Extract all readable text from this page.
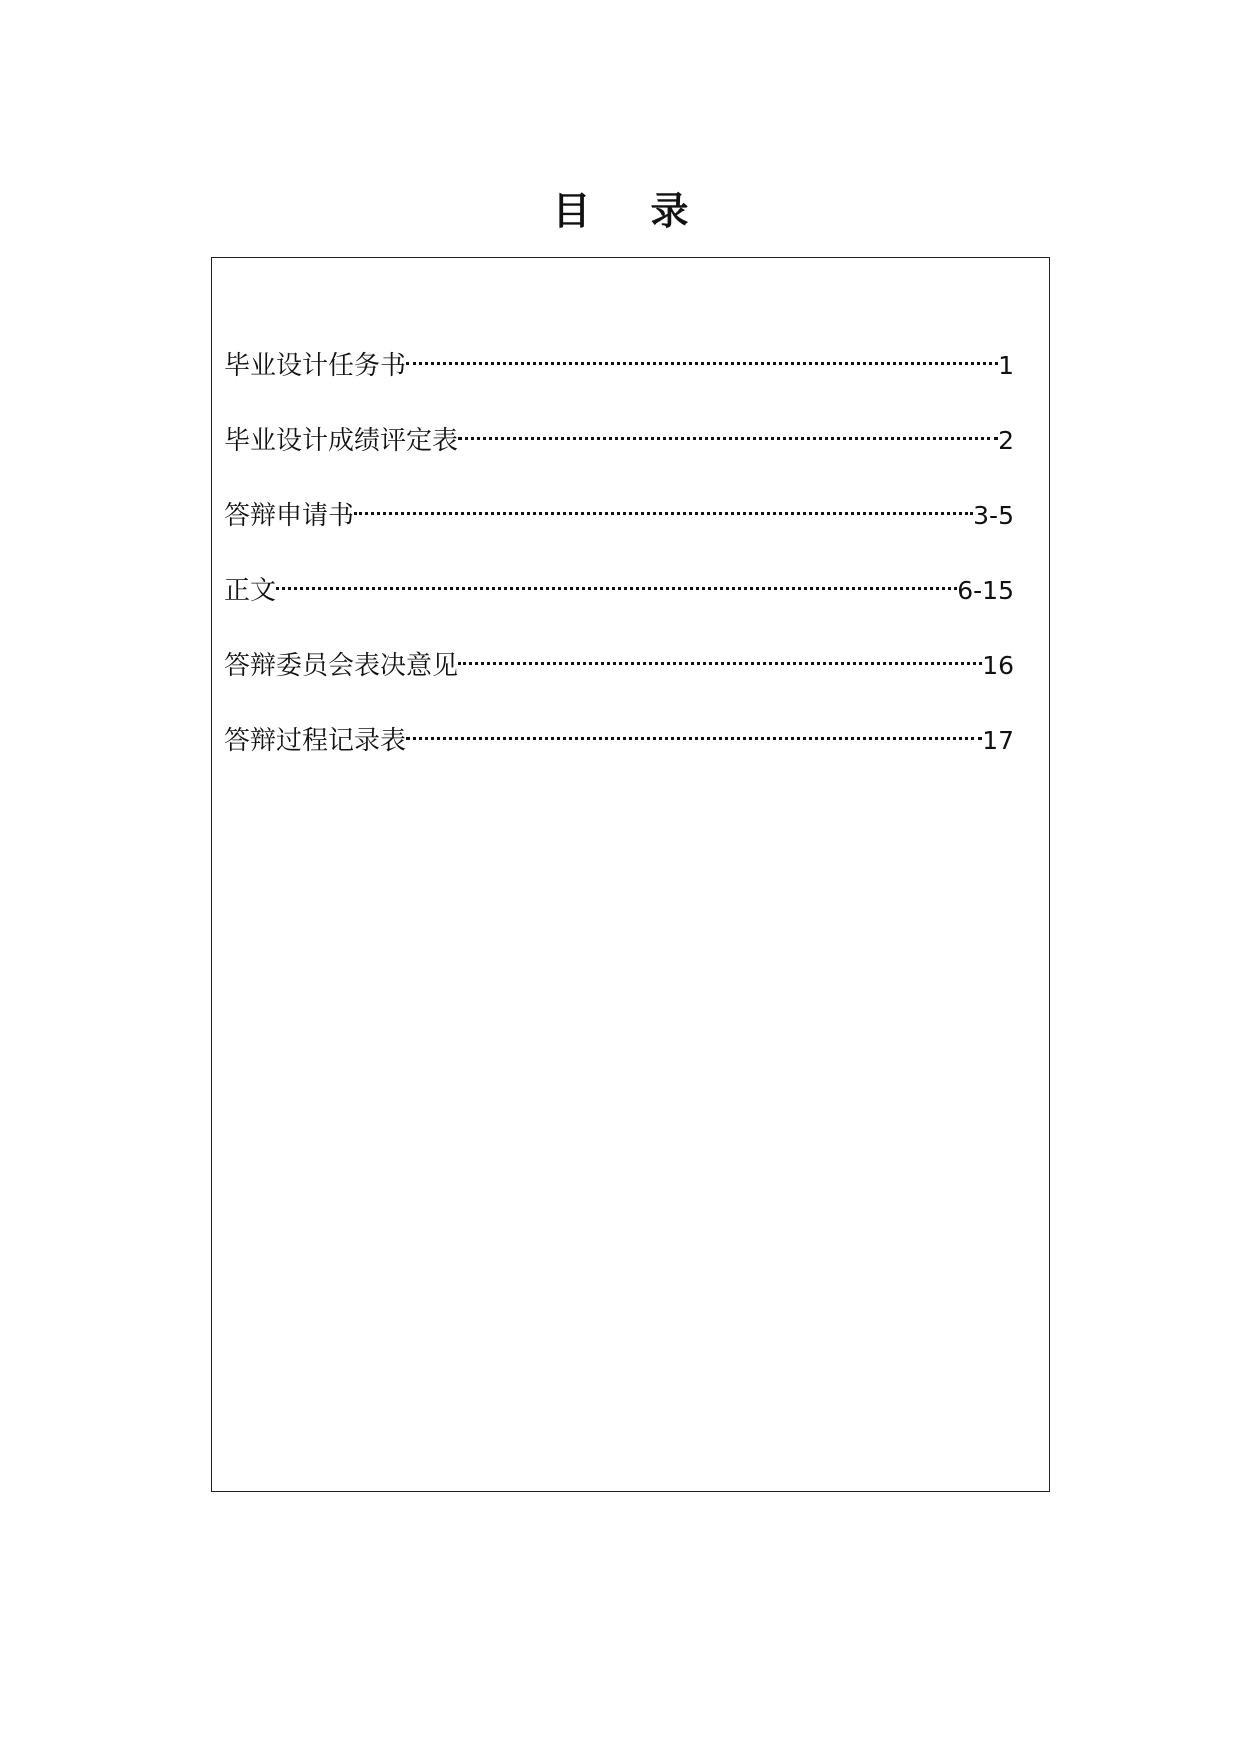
目录
毕业设计任务书	1
毕业设计成绩评定表	2
答辩申请书	3-5
正文	6-15
答辩委员会表决意见	16
答辩过程记录表	17
